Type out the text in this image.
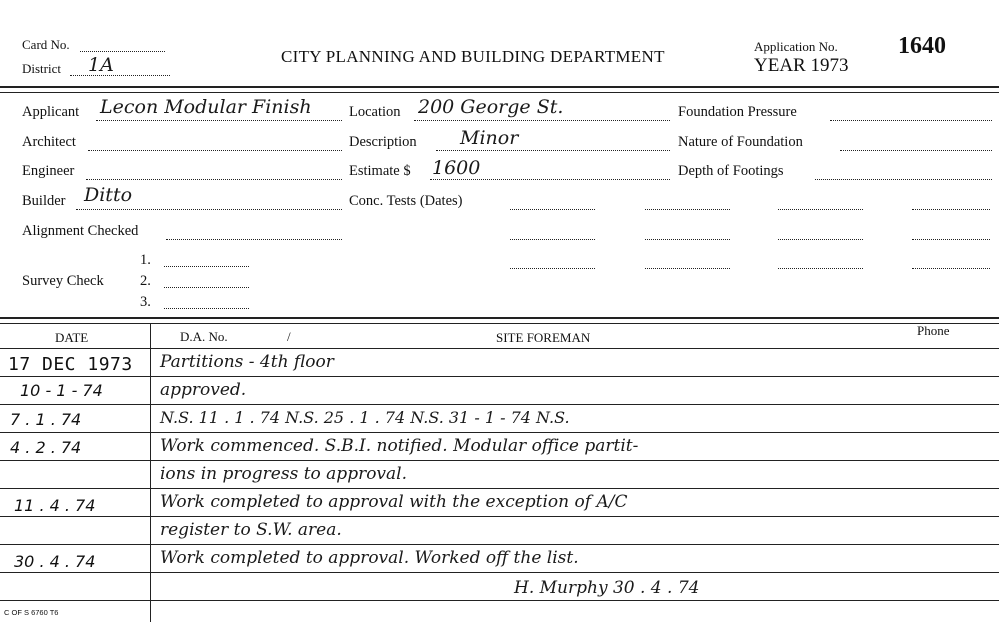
Card No.
District 1A	CITY PLANNING AND BUILDING DEPARTMENT
Application No.
YEAR 1973
1640
Applicant Lecon Modular Finish
Architect
Engineer
Builder Ditto
Alignment Checked
Survey Check
1.
2.
3.
Location 200 George St.
Description Minor
Estimate $ 1600
Conc. Tests (Dates)
Foundation Pressure
Nature of Foundation
Depth of Footings
DATE	D.A. No.	/	SITE FOREMAN	Phone
17 DEC 1973 Partitions - 4th floor
10 - 1 - 74	approved.
7 . 1 . 74	N.S. 11 . 1 . 74 N.S. 25 . 1 . 74 N.S. 31 - 1 - 74 N.S.
4 . 2 . 74	Work commenced. S.B.I. notified. Modular office partit-
ions in progress to approval.
11 . 4 . 74	Work completed to approval with the exception of A/C
register to S.W. area.
30 . 4 . 74	Work completed to approval. Worked off the list.
H. Murphy 30 . 4 . 74
C OF S 6760 T6
